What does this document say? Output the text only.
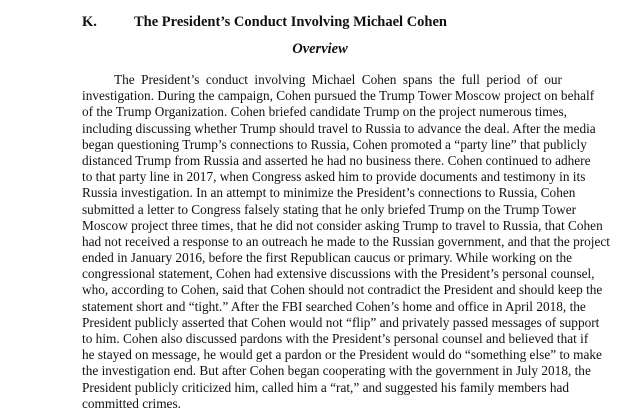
K.	The President’s Conduct Involving Michael Cohen
Overview
The President’s conduct involving Michael Cohen spans the full period of our
investigation. During the campaign, Cohen pursued the Trump Tower Moscow project on behalf
of the Trump Organization. Cohen briefed candidate Trump on the project numerous times,
including discussing whether Trump should travel to Russia to advance the deal. After the media
began questioning Trump’s connections to Russia, Cohen promoted a “party line” that publicly
distanced Trump from Russia and asserted he had no business there. Cohen continued to adhere
to that party line in 2017, when Congress asked him to provide documents and testimony in its
Russia investigation. In an attempt to minimize the President’s connections to Russia, Cohen
submitted a letter to Congress falsely stating that he only briefed Trump on the Trump Tower
Moscow project three times, that he did not consider asking Trump to travel to Russia, that Cohen
had not received a response to an outreach he made to the Russian government, and that the project
ended in January 2016, before the first Republican caucus or primary. While working on the
congressional statement, Cohen had extensive discussions with the President’s personal counsel,
who, according to Cohen, said that Cohen should not contradict the President and should keep the
statement short and “tight.” After the FBI searched Cohen’s home and office in April 2018, the
President publicly asserted that Cohen would not “flip” and privately passed messages of support
to him. Cohen also discussed pardons with the President’s personal counsel and believed that if
he stayed on message, he would get a pardon or the President would do “something else” to make
the investigation end. But after Cohen began cooperating with the government in July 2018, the
President publicly criticized him, called him a “rat,” and suggested his family members had
committed crimes.
